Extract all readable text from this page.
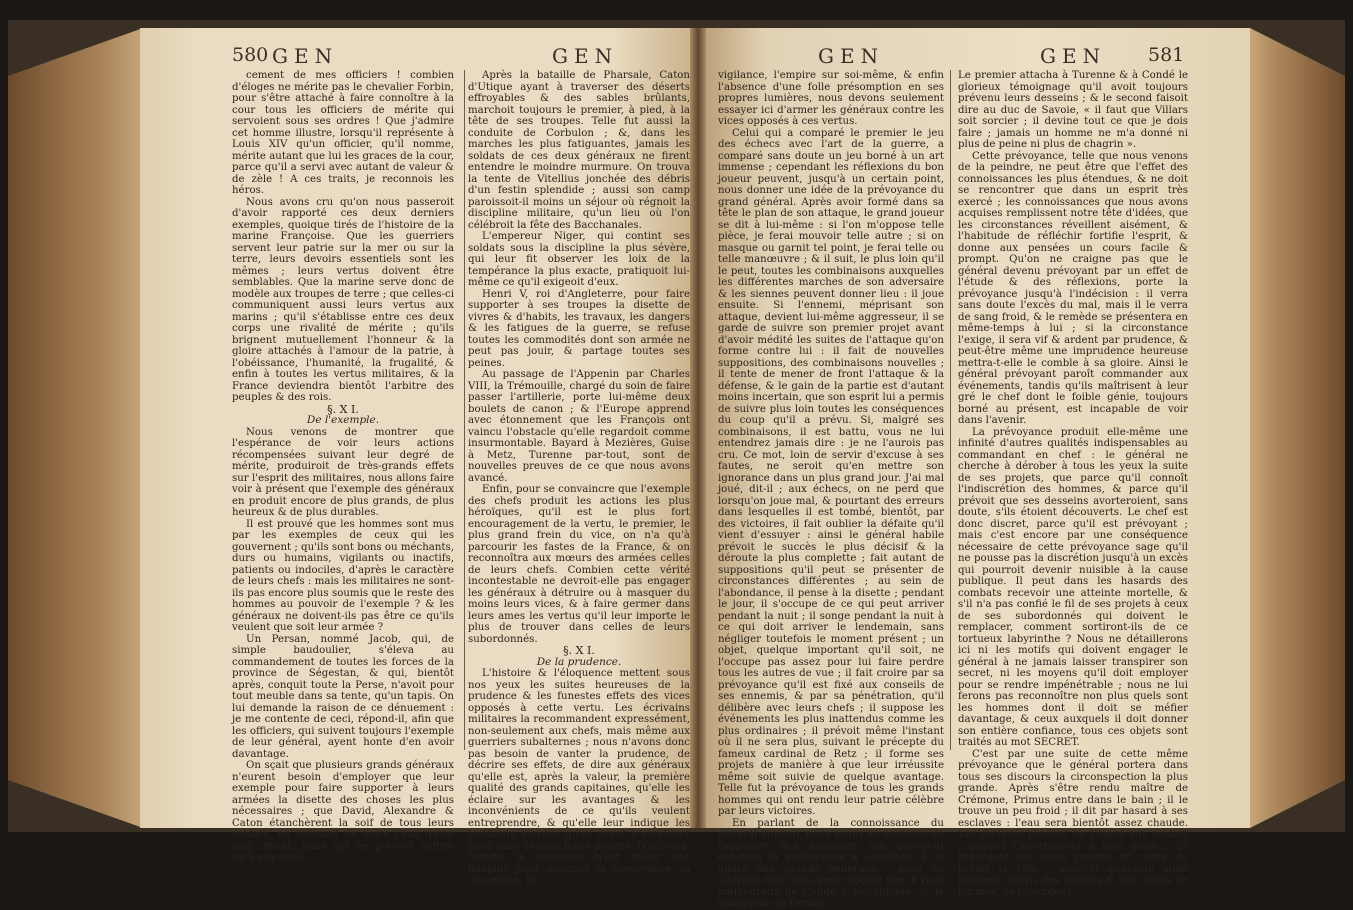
580 GEN	GEN

cement de mes officiers ! combien d'éloges ne mérite pas le chevalier Forbin, pour s'être attaché à faire connoître à la cour tous les officiers de mérite qui servoient sous ses ordres ! Que j'admire cet homme illustre, lorsqu'il représente à Louis XIV qu'un officier, qu'il nomme, mérite autant que lui les graces de la cour, parce qu'il a servi avec autant de valeur & de zèle ! A ces traits, je reconnois les héros.

Nous avons cru qu'on nous passeroit d'avoir rapporté ces deux derniers exemples, quoique tirés de l'histoire de la marine Françoise. Que les guerriers servent leur patrie sur la mer ou sur la terre, leurs devoirs essentiels sont les mêmes ; leurs vertus doivent être semblables. Que la marine serve donc de modèle aux troupes de terre ; que celles-ci communiquent aussi leurs vertus aux marins ; qu'il s'établisse entre ces deux corps une rivalité de mérite ; qu'ils brignent mutuellement l'honneur & la gloire attachés à l'amour de la patrie, à l'obéissance, l'humanité, la frugalité, & enfin à toutes les vertus militaires, & la France deviendra bientôt l'arbitre des peuples & des rois.

§. X I.

De l'exemple.

Nous venons de montrer que l'espérance de voir leurs actions récompensées suivant leur degré de mérite, produiroit de très-grands effets sur l'esprit des militaires, nous allons faire voir à présent que l'exemple des généraux en produit encore de plus grands, de plus heureux & de plus durables.

Il est prouvé que les hommes sont mus par les exemples de ceux qui les gouvernent ; qu'ils sont bons ou méchants, durs ou humains, vigilants ou inactifs, patients ou indociles, d'après le caractère de leurs chefs : mais les militaires ne sont-ils pas encore plus soumis que le reste des hommes au pouvoir de l'exemple ? & les généraux ne doivent-ils pas être ce qu'ils veulent que soit leur armée ?

Un Persan, nommé Jacob, qui, de simple baudoulier, s'éleva au commandement de toutes les forces de la province de Ségestan, & qui, bientôt après, conquit toute la Perse, n'avoit pour tout meuble dans sa tente, qu'un tapis. On lui demande la raison de ce dénuement : je me contente de ceci, répond-il, afin que les officiers, qui suivent toujours l'exemple de leur général, ayent honte d'en avoir davantage.

On sçait que plusieurs grands généraux n'eurent besoin d'employer que leur exemple pour faire supporter à leurs armées la disette des choses les plus nécessaires ; que David, Alexandre & Caton étanchèrent la soif de tous leurs soldats, en refusant de boire l'eau qu'on leur offroit, mais qui ne pouvoit suffire qu'à eux seuls.

Après la bataille de Pharsale, Caton d'Utique ayant à traverser des déserts effroyables & des sables brûlants, marchoit toujours le premier, à pied, à la tête de ses troupes. Telle fut aussi la conduite de Corbulon ; &, dans les marches les plus fatiguantes, jamais les soldats de ces deux généraux ne firent entendre le moindre murmure. On trouva la tente de Vitellius jonchée des débris d'un festin splendide ; aussi son camp paroissoit-il moins un séjour où régnoit la discipline militaire, qu'un lieu où l'on célébroit la fête des Bacchanales.

L'empereur Niger, qui contint ses soldats sous la discipline la plus sévère, qui leur fit observer les loix de la tempérance la plus exacte, pratiquoit lui-même ce qu'il exigeoit d'eux.

Henri V, roi d'Angleterre, pour faire supporter à ses troupes la disette de vivres & d'habits, les travaux, les dangers & les fatigues de la guerre, se refuse toutes les commodités dont son armée ne peut pas jouir, & partage toutes ses peines.

Au passage de l'Appenin par Charles VIII, la Trémouille, chargé du soin de faire passer l'artillerie, porte lui-même deux boulets de canon ; & l'Europe apprend avec étonnement que les François ont vaincu l'obstacle qu'elle regardoit comme insurmontable. Bayard à Mezières, Guise à Metz, Turenne par-tout, sont de nouvelles preuves de ce que nous avons avancé.

Enfin, pour se convaincre que l'exemple des chefs produit les actions les plus héroïques, qu'il est le plus fort encouragement de la vertu, le premier, le plus grand frein du vice, on n'a qu'à parcourir les fastes de la France, & on reconnoîtra aux mœurs des armées celles de leurs chefs. Combien cette vérité incontestable ne devroit-elle pas engager les généraux à détruire ou à masquer du moins leurs vices, & à faire germer dans leurs ames les vertus qu'il leur importe le plus de trouver dans celles de leurs subordonnés.

§. X I.

De la prudence.

L'histoire & l'éloquence mettent sous nos yeux les suites heureuses de la prudence & les funestes effets des vices opposés à cette vertu. Les écrivains militaires la recommandent expressément, non-seulement aux chefs, mais même aux guerriers subalternes ; nous n'avons donc pas besoin de vanter la prudence, de décrire ses effets, de dire aux généraux qu'elle est, après la valeur, la première qualité des grands capitaines, qu'elle les éclaire sur les avantages & les inconvénients de ce qu'ils veulent entreprendre, & qu'elle leur indique les meilleurs moyens qu'ils ayent à employer pour faire réussir leurs projets. D'ailleurs, comme la prudence n'est qu'un mot imaginé pour désigner la prévoyance, la discrétion, la

GEN	GEN 581

vigilance, l'empire sur soi-même, & enfin l'absence d'une folle présomption en ses propres lumières, nous devons seulement essayer ici d'armer les généraux contre les vices opposés à ces vertus.

Celui qui a comparé le premier le jeu des échecs avec l'art de la guerre, a comparé sans doute un jeu borné à un art immense ; cependant les réflexions du bon joueur peuvent, jusqu'à un certain point, nous donner une idée de la prévoyance du grand général. Après avoir formé dans sa tête le plan de son attaque, le grand joueur se dit à lui-même : si l'on m'oppose telle pièce, je ferai mouvoir telle autre ; si on masque ou garnit tel point, je ferai telle ou telle manœuvre ; & il suit, le plus loin qu'il le peut, toutes les combinaisons auxquelles les différentes marches de son adversaire & les siennes peuvent donner lieu : il joue ensuite. Si l'ennemi, méprisant son attaque, devient lui-même aggresseur, il se garde de suivre son premier projet avant d'avoir médité les suites de l'attaque qu'on forme contre lui : il fait de nouvelles suppositions, des combinaisons nouvelles ; il tente de mener de front l'attaque & la défense, & le gain de la partie est d'autant moins incertain, que son esprit lui a permis de suivre plus loin toutes les conséquences du coup qu'il a prévu. Si, malgré ses combinaisons, il est battu, vous ne lui entendrez jamais dire : je ne l'aurois pas cru. Ce mot, loin de servir d'excuse à ses fautes, ne seroit qu'en mettre son ignorance dans un plus grand jour. J'ai mal joué, dit-il ; aux échecs, on ne perd que lorsqu'on joue mal, & pourtant des erreurs dans lesquelles il est tombé, bientôt, par des victoires, il fait oublier la défaite qu'il vient d'essuyer : ainsi le général habile prévoit le succès le plus décisif & la déroute la plus complette ; fait autant de suppositions qu'il peut se présenter de circonstances différentes ; au sein de l'abondance, il pense à la disette ; pendant le jour, il s'occupe de ce qui peut arriver pendant la nuit ; il songe pendant la nuit à ce qui doit arriver le lendemain, sans négliger toutefois le moment présent ; un objet, quelque important qu'il soit, ne l'occupe pas assez pour lui faire perdre tous les autres de vue ; il fait croire par sa prévoyance qu'il est fixé aux conseils de ses ennemis, & par sa pénétration, qu'il délibère avec leurs chefs ; il suppose les événements les plus inattendus comme les plus ordinaires ; il prévoit même l'instant où il ne sera plus, suivant le précepte du fameux cardinal de Retz ; il forme ses projets de manière à que leur irréussite même soit suivie de quelque avantage. Telle fut la prévoyance de tous les grands hommes qui ont rendu leur patrie célèbre par leurs victoires.

En parlant de la connoissance du général ennemi, nous avons eu occasion de rapporter des exemples qui prouvent combien la prévoyance a contribué à la gloire des grands généraux : nous ne citerons donc plus pour modèle que le rival malheureux de Condé à Nordlingue, & le vainqueur de Denain.

Le premier attacha à Turenne & à Condé le glorieux témoignage qu'il avoit toujours prévenu leurs desseins ; & le second faisoit dire au duc de Savoie, « il faut que Villars soit sorcier ; il devine tout ce que je dois faire ; jamais un homme ne m'a donné ni plus de peine ni plus de chagrin ».

Cette prévoyance, telle que nous venons de la peindre, ne peut être que l'effet des connoissances les plus étendues, & ne doit se rencontrer que dans un esprit très exercé ; les connoissances que nous avons acquises remplissent notre tête d'idées, que les circonstances réveillent aisément, & l'habitude de réfléchir fortifie l'esprit, & donne aux pensées un cours facile & prompt. Qu'on ne craigne pas que le général devenu prévoyant par un effet de l'étude & des réflexions, porte la prévoyance jusqu'à l'indécision : il verra sans doute l'excès du mal, mais il le verra de sang froid, & le remède se présentera en même-temps à lui ; si la circonstance l'exige, il sera vif & ardent par prudence, & peut-être même une imprudence heureuse mettra-t-elle le comble à sa gloire. Ainsi le général prévoyant paroît commander aux événements, tandis qu'ils maîtrisent à leur gré le chef dont le foible génie, toujours borné au présent, est incapable de voir dans l'avenir.

La prévoyance produit elle-même une infinité d'autres qualités indispensables au commandant en chef : le général ne cherche à dérober à tous les yeux la suite de ses projets, que parce qu'il connoît l'indiscrétion des hommes, & parce qu'il prévoit que ses desseins avorteroient, sans doute, s'ils étoient découverts. Le chef est donc discret, parce qu'il est prévoyant ; mais c'est encore par une conséquence nécessaire de cette prévoyance sage qu'il ne pousse pas la discrétion jusqu'à un excès qui pourroit devenir nuisible à la cause publique. Il peut dans les hasards des combats recevoir une atteinte mortelle, & s'il n'a pas confié le fil de ses projets à ceux de ses subordonnés qui doivent le remplacer, comment sortiront-ils de ce tortueux labyrinthe ? Nous ne détaillerons ici ni les motifs qui doivent engager le général à ne jamais laisser transpirer son secret, ni les moyens qu'il doit employer pour se rendre impénétrable ; nous ne lui ferons pas reconnoître non plus quels sont les hommes dont il doit se méfier davantage, & ceux auxquels il doit donner son entière confiance, tous ces objets sont traités au mot SECRET.

C'est par une suite de cette même prévoyance que le général portera dans tous ses discours la circonspection la plus grande. Après s'être rendu maître de Crémone, Primus entre dans le bain ; il le trouve un peu froid ; il dit par hasard à ses esclaves : l'eau sera bientôt assez chaude. Les esclaves rendent ce propos aux soldats ; ceux-ci l'interprètent à leur guise ; ils regardent ces mots comme un ordre de brûler la ville : aussitôt quarante mille hommes, suivis des goujats & des valets de l'armée, se répandent
